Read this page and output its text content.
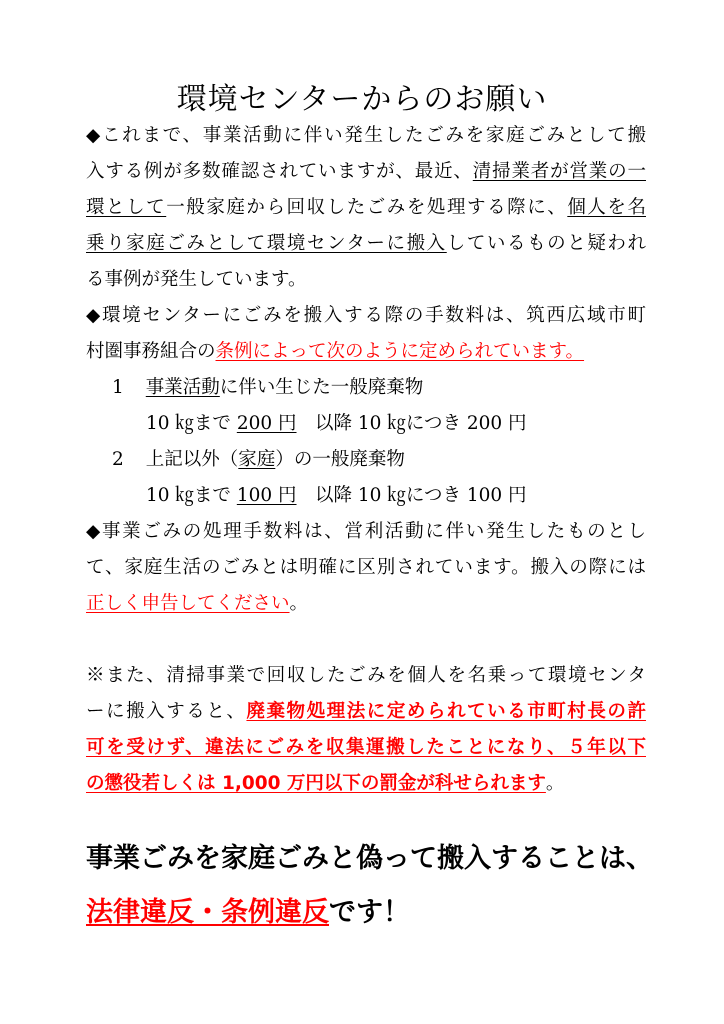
環境センターからのお願い
◆これまで、事業活動に伴い発生したごみを家庭ごみとして搬
入する例が多数確認されていますが、最近、清掃業者が営業の一
環として一般家庭から回収したごみを処理する際に、個人を名
乗り家庭ごみとして環境センターに搬入しているものと疑われ
る事例が発生しています。
◆環境センターにごみを搬入する際の手数料は、筑西広域市町
村圏事務組合の条例によって次のように定められています。
1 事業活動に伴い生じた一般廃棄物
10 ㎏まで 200 円　以降 10 ㎏につき 200 円
2 上記以外（家庭）の一般廃棄物
10 ㎏まで 100 円　以降 10 ㎏につき 100 円
◆事業ごみの処理手数料は、営利活動に伴い発生したものとし
て、家庭生活のごみとは明確に区別されています。搬入の際には
正しく申告してください。
※また、清掃事業で回収したごみを個人を名乗って環境センタ
ーに搬入すると、廃棄物処理法に定められている市町村長の許
可を受けず、違法にごみを収集運搬したことになり、５年以下
の懲役若しくは 1,000 万円以下の罰金が科せられます。
事業ごみを家庭ごみと偽って搬入することは、
法律違反・条例違反です！
